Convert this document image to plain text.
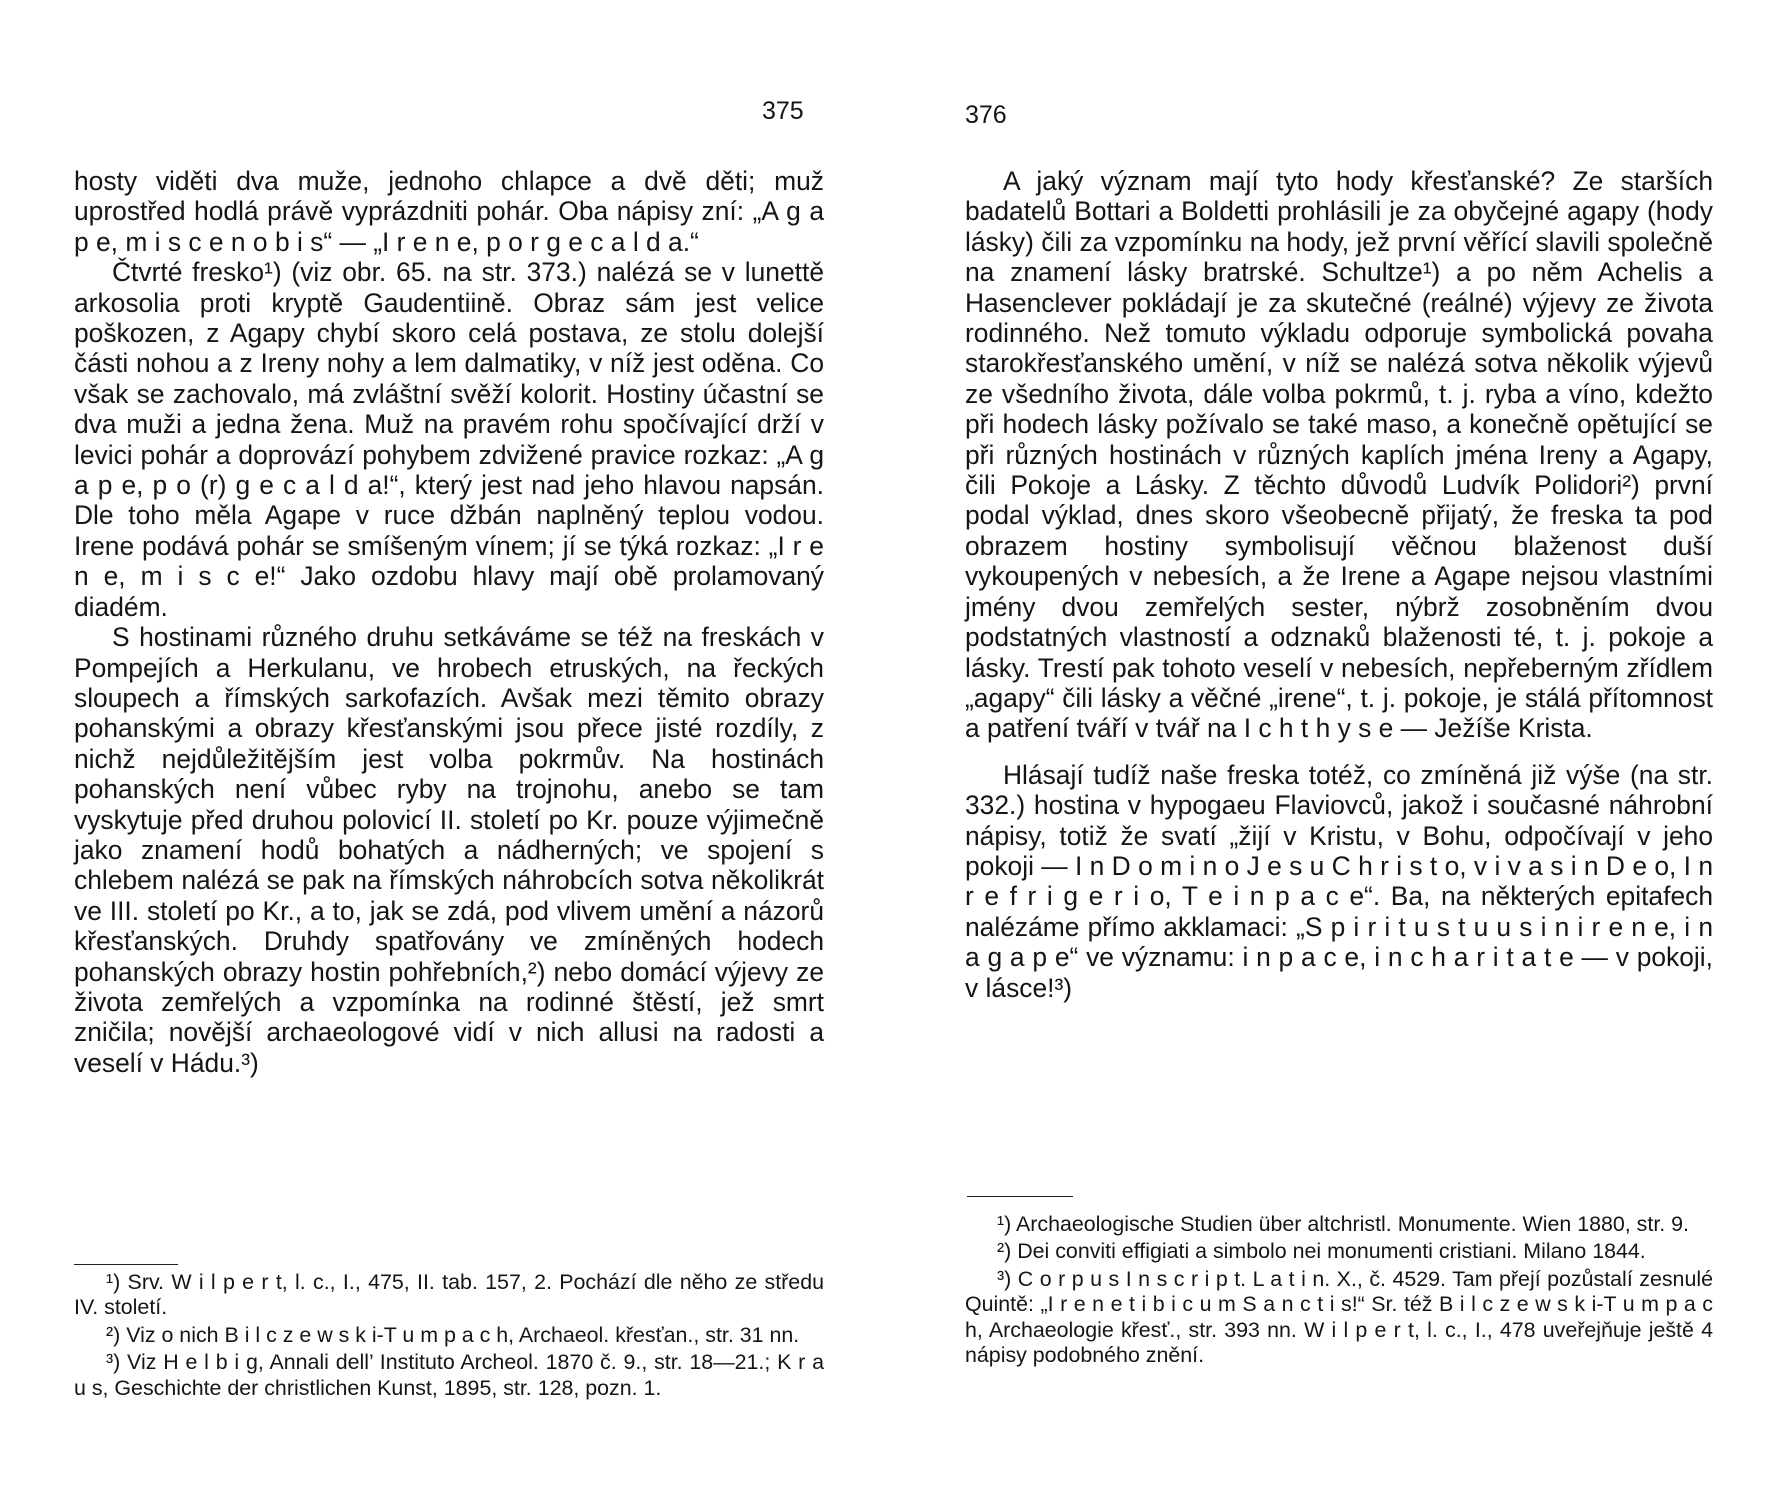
375

hosty viděti dva muže, jednoho chlapce a dvě děti; muž uprostřed hodlá právě vyprázdniti pohár. Oba nápisy zní: „A g a p e, m i s c e n o b i s“ — „I r e n e, p o r g e c a l d a.“

Čtvrté fresko¹) (viz obr. 65. na str. 373.) nalézá se v lunettě arkosolia proti kryptě Gaudentiině. Obraz sám jest velice poškozen, z Agapy chybí skoro celá postava, ze stolu dolejší části nohou a z Ireny nohy a lem dalmatiky, v níž jest oděna. Co však se zachovalo, má zvláštní svěží kolorit. Hostiny účastní se dva muži a jedna žena. Muž na pravém rohu spočívající drží v levici pohár a doprovází pohybem zdvižené pravice rozkaz: „A g a p e, p o (r) g e c a l d a!“, který jest nad jeho hlavou napsán. Dle toho měla Agape v ruce džbán naplněný teplou vodou. Irene podává pohár se smíšeným vínem; jí se týká rozkaz: „I r e n e, m i s c e!“ Jako ozdobu hlavy mají obě prolamovaný diadém.

S hostinami různého druhu setkáváme se též na freskách v Pompejích a Herkulanu, ve hrobech etruských, na řeckých sloupech a římských sarkofazích. Avšak mezi těmito obrazy pohanskými a obrazy křesťanskými jsou přece jisté rozdíly, z nichž nejdůležitějším jest volba pokrmův. Na hostinách pohanských není vůbec ryby na trojnohu, anebo se tam vyskytuje před druhou polovicí II. století po Kr. pouze výjimečně jako znamení hodů bohatých a nádherných; ve spojení s chlebem nalézá se pak na římských náhrobcích sotva několikrát ve III. století po Kr., a to, jak se zdá, pod vlivem umění a názorů křesťanských. Druhdy spatřovány ve zmíněných hodech pohanských obrazy hostin pohřebních,²) nebo domácí výjevy ze života zemřelých a vzpomínka na rodinné štěstí, jež smrt zničila; novější archaeologové vidí v nich allusi na radosti a veselí v Hádu.³)

¹) Srv. W i l p e r t, l. c., I., 475, II. tab. 157, 2. Pochází dle něho ze středu IV. století.

²) Viz o nich B i l c z e w s k i-T u m p a c h, Archaeol. křesťan., str. 31 nn.

³) Viz H e l b i g, Annali dell’ Instituto Archeol. 1870 č. 9., str. 18—21.; K r a u s, Geschichte der christlichen Kunst, 1895, str. 128, pozn. 1.

376

A jaký význam mají tyto hody křesťanské? Ze starších badatelů Bottari a Boldetti prohlásili je za obyčejné agapy (hody lásky) čili za vzpomínku na hody, jež první věřící slavili společně na znamení lásky bratrské. Schultze¹) a po něm Achelis a Hasenclever pokládají je za skutečné (reálné) výjevy ze života rodinného. Než tomuto výkladu odporuje symbolická povaha starokřesťanského umění, v níž se nalézá sotva několik výjevů ze všedního života, dále volba pokrmů, t. j. ryba a víno, kdežto při hodech lásky požívalo se také maso, a konečně opětující se při různých hostinách v různých kaplích jména Ireny a Agapy, čili Pokoje a Lásky. Z těchto důvodů Ludvík Polidori²) první podal výklad, dnes skoro všeobecně přijatý, že freska ta pod obrazem hostiny symbolisují věčnou blaženost duší vykoupených v nebesích, a že Irene a Agape nejsou vlastními jmény dvou zemřelých sester, nýbrž zosobněním dvou podstatných vlastností a odznaků blaženosti té, t. j. pokoje a lásky. Trestí pak tohoto veselí v nebesích, nepřeberným zřídlem „agapy“ čili lásky a věčné „irene“, t. j. pokoje, je stálá přítomnost a patření tváří v tvář na I c h t h y s e — Ježíše Krista.

Hlásají tudíž naše freska totéž, co zmíněná již výše (na str. 332.) hostina v hypogaeu Flaviovců, jakož i současné náhrobní nápisy, totiž že svatí „žijí v Kristu, v Bohu, odpočívají v jeho pokoji — I n D o m i n o J e s u C h r i s t o, v i v a s i n D e o, I n r e f r i g e r i o, T e i n p a c e“. Ba, na některých epitafech nalézáme přímo akklamaci: „S p i r i t u s t u u s i n i r e n e, i n a g a p e“ ve významu: i n p a c e, i n c h a r i t a t e — v pokoji, v lásce!³)

¹) Archaeologische Studien über altchristl. Monumente. Wien 1880, str. 9.

²) Dei conviti effigiati a simbolo nei monumenti cristiani. Milano 1844.

³) C o r p u s I n s c r i p t. L a t i n. X., č. 4529. Tam přejí pozůstalí zesnulé Quintě: „I r e n e t i b i c u m S a n c t i s!“ Sr. též B i l c z e w s k i-T u m p a c h, Archaeologie křesť., str. 393 nn. W i l p e r t, l. c., I., 478 uveřejňuje ještě 4 nápisy podobného znění.
